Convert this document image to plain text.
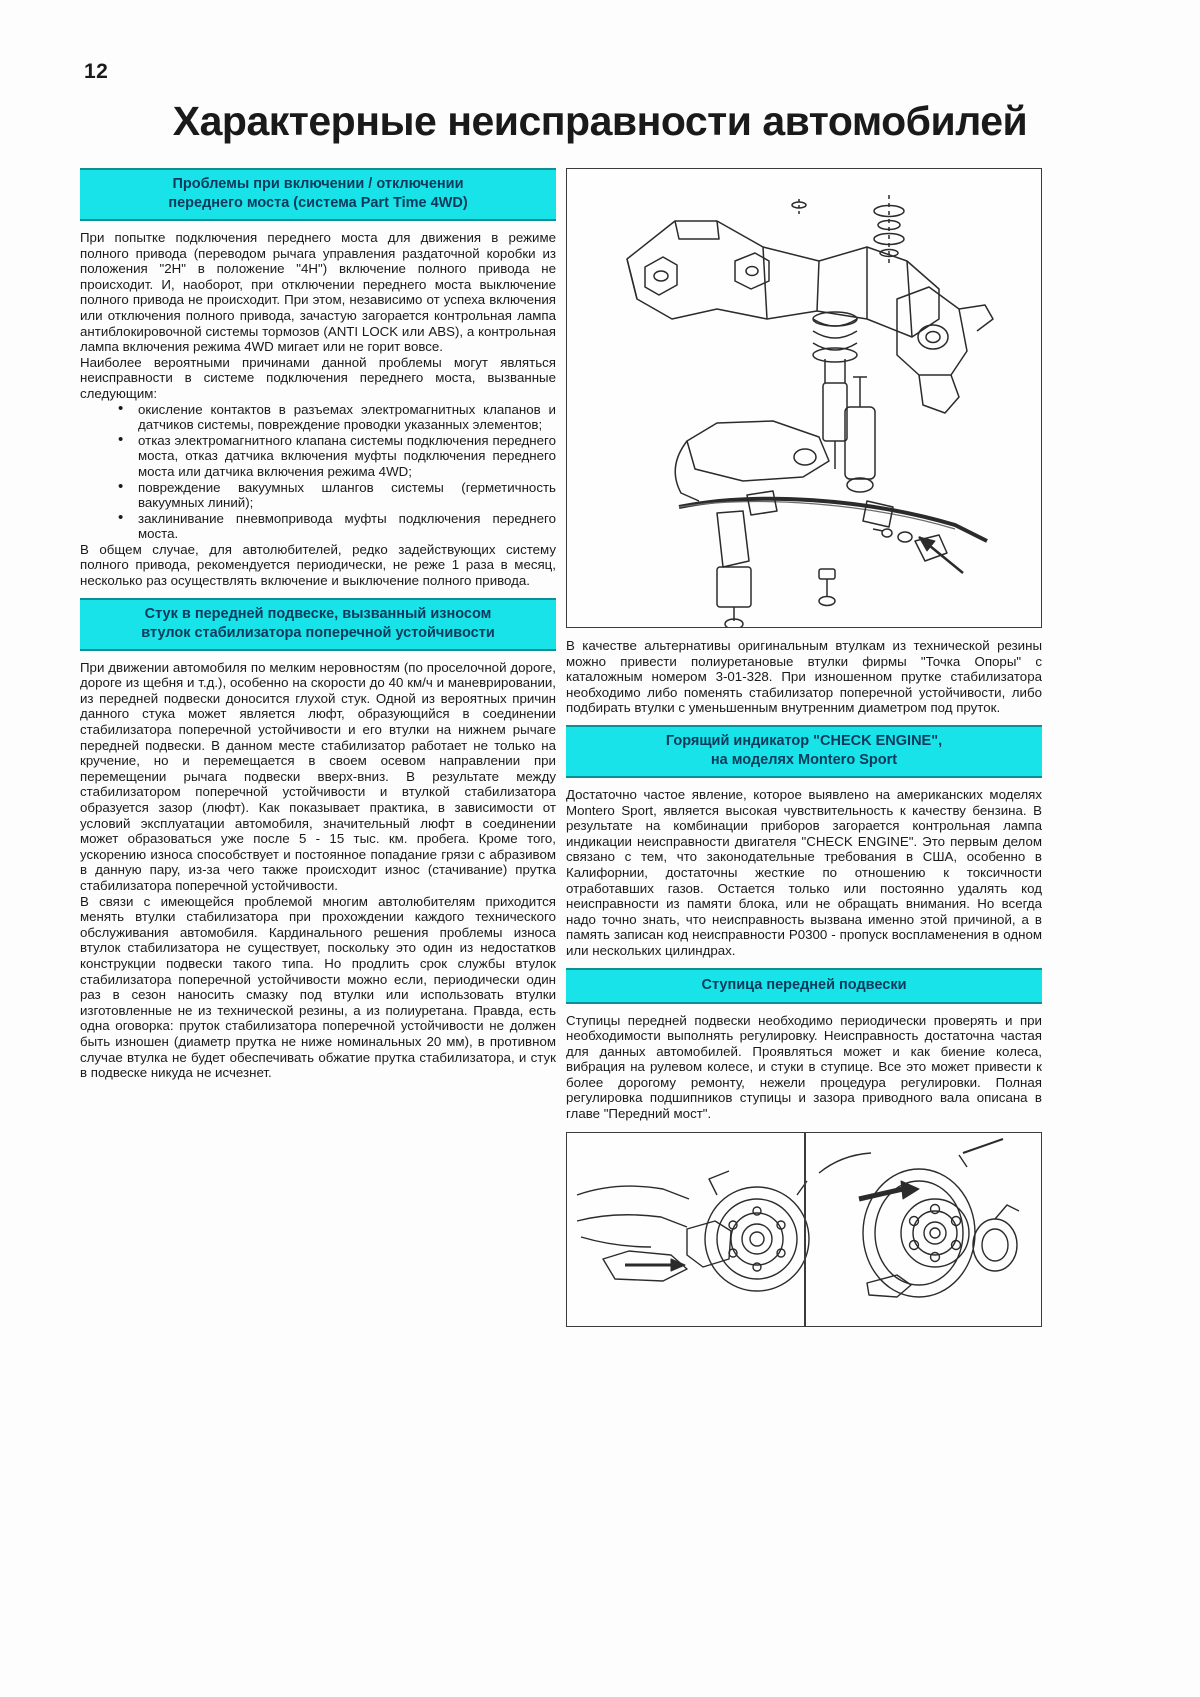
12
Характерные неисправности автомобилей
Проблемы при включении / отключении
переднего моста (система Part Time 4WD)

При попытке подключения переднего моста для движения в режиме полного привода (переводом рычага управления раздаточной коробки из положения "2Н" в положение "4Н") включение полного привода не происходит. И, наоборот, при отключении переднего моста выключение полного привода не происходит. При этом, независимо от успеха включения или отключения полного привода, зачастую загорается контрольная лампа антиблокировочной системы тормозов (ANTI LOCK или ABS), а контрольная лампа включения режима 4WD мигает или не горит вовсе.

Наиболее вероятными причинами данной проблемы могут являться неисправности в системе подключения переднего моста, вызванные следующим:

• окисление контактов в разъемах электромагнитных клапанов и датчиков системы, повреждение проводки указанных элементов;
• отказ электромагнитного клапана системы подключения переднего моста, отказ датчика включения муфты подключения переднего моста или датчика включения режима 4WD;
• повреждение вакуумных шлангов системы (герметичность вакуумных линий);
• заклинивание пневмопривода муфты подключения переднего моста.

В общем случае, для автолюбителей, редко задействующих систему полного привода, рекомендуется периодически, не реже 1 раза в месяц, несколько раз осуществлять включение и выключение полного привода.

Стук в передней подвеске, вызванный износом
втулок стабилизатора поперечной устойчивости

При движении автомобиля по мелким неровностям (по проселочной дороге, дороге из щебня и т.д.), особенно на скорости до 40 км/ч и маневрировании, из передней подвески доносится глухой стук. Одной из вероятных причин данного стука может является люфт, образующийся в соединении стабилизатора поперечной устойчивости и его втулки на нижнем рычаге передней подвески. В данном месте стабилизатор работает не только на кручение, но и перемещается в своем осевом направлении при перемещении рычага подвески вверх-вниз. В результате между стабилизатором поперечной устойчивости и втулкой стабилизатора образуется зазор (люфт). Как показывает практика, в зависимости от условий эксплуатации автомобиля, значительный люфт в соединении может образоваться уже после 5 - 15 тыс. км. пробега. Кроме того, ускорению износа способствует и постоянное попадание грязи с абразивом в данную пару, из-за чего также происходит износ (стачивание) прутка стабилизатора поперечной устойчивости.

В связи с имеющейся проблемой многим автолюбителям приходится менять втулки стабилизатора при прохождении каждого технического обслуживания автомобиля. Кардинального решения проблемы износа втулок стабилизатора не существует, поскольку это один из недостатков конструкции подвески такого типа. Но продлить срок службы втулок стабилизатора поперечной устойчивости можно если, периодически один раз в сезон наносить смазку под втулки или использовать втулки изготовленные не из технической резины, а из полиуретана. Правда, есть одна оговорка: пруток стабилизатора поперечной устойчивости не должен быть изношен (диаметр прутка не ниже номинальных 20 мм), в противном случае втулка не будет обеспечивать обжатие прутка стабилизатора, и стук в подвеске никуда не исчезнет.

В качестве альтернативы оригинальным втулкам из технической резины можно привести полиуретановые втулки фирмы "Точка Опоры" с каталожным номером 3-01-328. При изношенном прутке стабилизатора необходимо либо поменять стабилизатор поперечной устойчивости, либо подбирать втулки с уменьшенным внутренним диаметром под пруток.

Горящий индикатор "CHECK ENGINE",
на моделях Montero Sport

Достаточно частое явление, которое выявлено на американских моделях Montero Sport, является высокая чувствительность к качеству бензина. В результате на комбинации приборов загорается контрольная лампа индикации неисправности двигателя "CHECK ENGINE". Это первым делом связано с тем, что законодательные требования в США, особенно в Калифорнии, достаточны жесткие по отношению к токсичности отработавших газов. Остается только или постоянно удалять код неисправности из памяти блока, или не обращать внимания. Но всегда надо точно знать, что неисправность вызвана именно этой причиной, а в память записан код неисправности P0300 - пропуск воспламенения в одном или нескольких цилиндрах.

Ступица передней подвески

Ступицы передней подвески необходимо периодически проверять и при необходимости выполнять регулировку. Неисправность достаточна частая для данных автомобилей. Проявляться может и как биение колеса, вибрация на рулевом колесе, и стуки в ступице. Все это может привести к более дорогому ремонту, нежели процедура регулировки. Полная регулировка подшипников ступицы и зазора приводного вала описана в главе "Передний мост".
